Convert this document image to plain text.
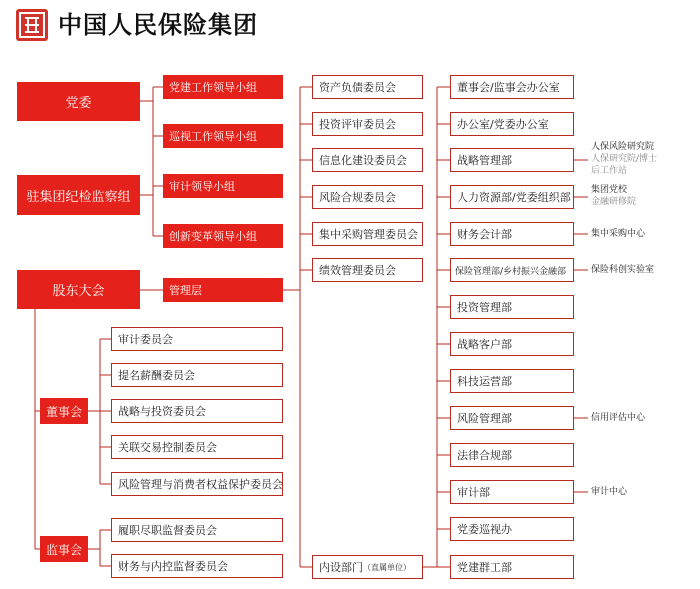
中国人民保险集团
党委
驻集团纪检监察组
股东大会
董事会
监事会
党建工作领导小组
巡视工作领导小组
审计领导小组
创新变革领导小组
管理层
资产负债委员会
投资评审委员会
信息化建设委员会
风险合规委员会
集中采购管理委员会
绩效管理委员会
内设部门 （直属单位）
审计委员会
提名薪酬委员会
战略与投资委员会
关联交易控制委员会
风险管理与消费者权益保护委员会
履职尽职监督委员会
财务与内控监督委员会
董事会/监事会办公室
办公室/党委办公室
战略管理部
人力资源部/党委组织部
财务会计部
保险管理部/乡村振兴金融部
投资管理部
战略客户部
科技运营部
风险管理部
法律合规部
审计部
党委巡视办
党建群工部
人保风险研究院
人保研究院/博士
后工作站
集团党校
金融研修院
集中采购中心
保险科创实验室
信用评估中心
审计中心
